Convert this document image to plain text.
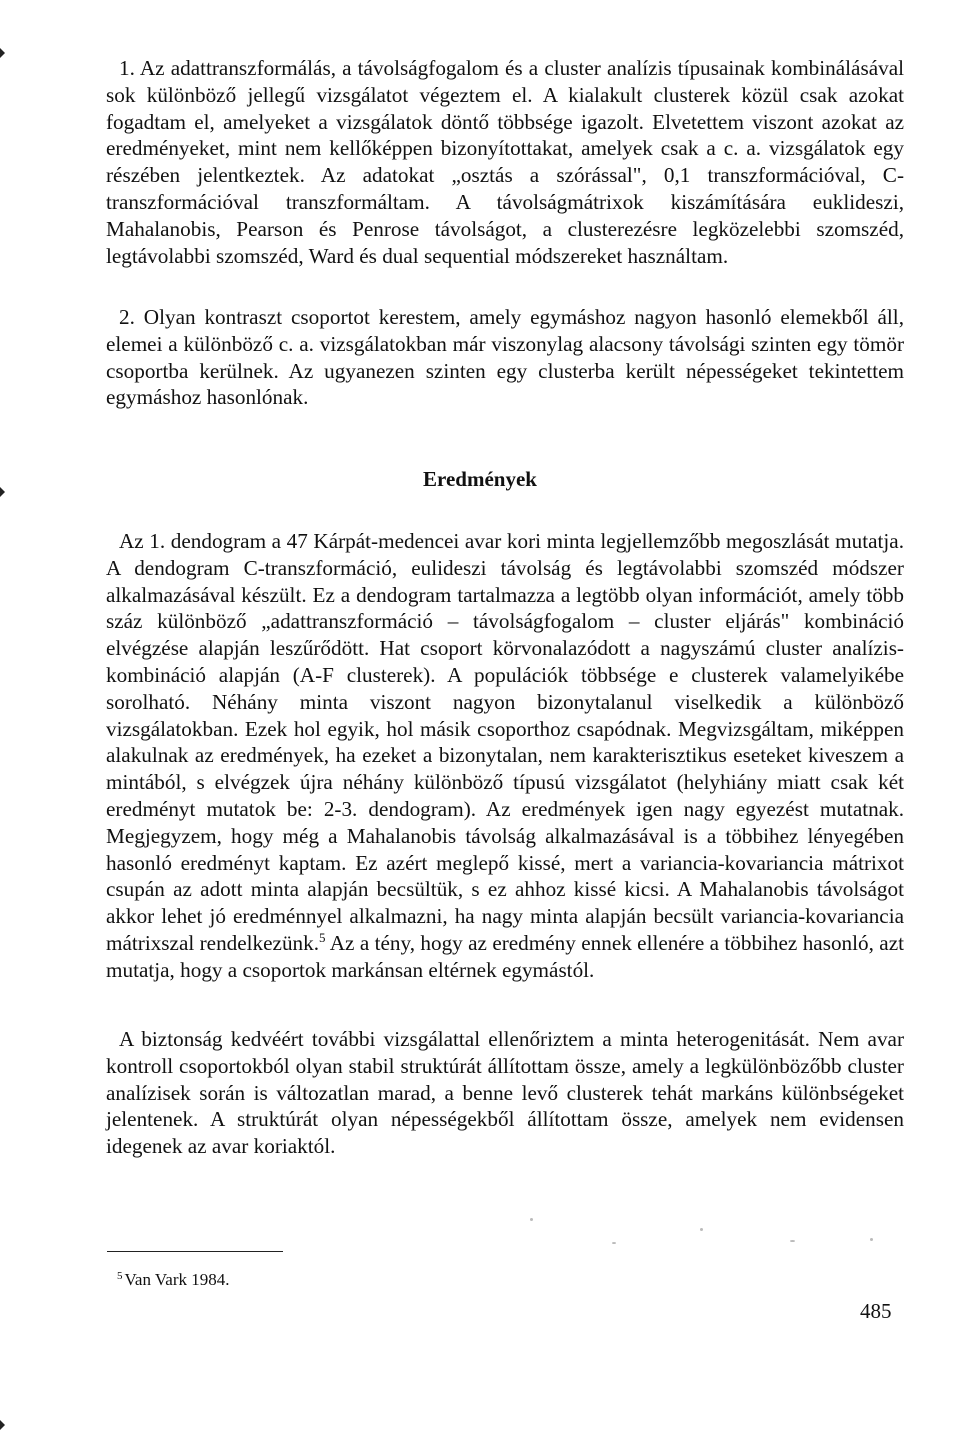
1. Az adattranszformálás, a távolságfogalom és a cluster analízis típusainak kombinálásával sok különböző jellegű vizsgálatot végeztem el. A kialakult clusterek közül csak azokat fogadtam el, amelyeket a vizsgálatok döntő többsége igazolt. Elvetettem viszont azokat az eredményeket, mint nem kellőképpen bizonyítottakat, amelyek csak a c. a. vizsgálatok egy részében jelentkeztek. Az adatokat „osztás a szórással", 0,1 transzformációval, C-transzformációval transzformáltam. A távolságmátrixok kiszámítására euklideszi, Mahalanobis, Pearson és Penrose távolságot, a clusterezésre legközelebbi szomszéd, legtávolabbi szomszéd, Ward és dual sequential módszereket használtam.

2. Olyan kontraszt csoportot kerestem, amely egymáshoz nagyon hasonló elemekből áll, elemei a különböző c. a. vizsgálatokban már viszonylag alacsony távolsági szinten egy tömör csoportba kerülnek. Az ugyanezen szinten egy clusterba került népességeket tekintettem egymáshoz hasonlónak.

Eredmények

Az 1. dendogram a 47 Kárpát-medencei avar kori minta legjellemzőbb megoszlását mutatja. A dendogram C-transzformáció, eulideszi távolság és legtávolabbi szomszéd módszer alkalmazásával készült. Ez a dendogram tartalmazza a legtöbb olyan információt, amely több száz különböző „adattranszformáció – távolságfogalom – cluster eljárás" kombináció elvégzése alapján leszűrődött. Hat csoport körvonalazódott a nagyszámú cluster analízis-kombináció alapján (A-F clusterek). A populációk többsége e clusterek valamelyikébe sorolható. Néhány minta viszont nagyon bizonytalanul viselkedik a különböző vizsgálatokban. Ezek hol egyik, hol másik csoporthoz csapódnak. Megvizsgáltam, miképpen alakulnak az eredmények, ha ezeket a bizonytalan, nem karakterisztikus eseteket kiveszem a mintából, s elvégzek újra néhány különböző típusú vizsgálatot (helyhiány miatt csak két eredményt mutatok be: 2-3. dendogram). Az eredmények igen nagy egyezést mutatnak. Megjegyzem, hogy még a Mahalanobis távolság alkalmazásával is a többihez lényegében hasonló eredményt kaptam. Ez azért meglepő kissé, mert a variancia-kovariancia mátrixot csupán az adott minta alapján becsültük, s ez ahhoz kissé kicsi. A Mahalanobis távolságot akkor lehet jó eredménnyel alkalmazni, ha nagy minta alapján becsült variancia-kovariancia mátrixszal rendelkezünk.$^5$ Az a tény, hogy az eredmény ennek ellenére a többihez hasonló, azt mutatja, hogy a csoportok markánsan eltérnek egymástól.

A biztonság kedvéért további vizsgálattal ellenőriztem a minta heterogenitását. Nem avar kontroll csoportokból olyan stabil struktúrát állítottam össze, amely a legkülönbözőbb cluster analízisek során is változatlan marad, a benne levő clusterek tehát markáns különbségeket jelentenek. A struktúrát olyan népességekből állítottam össze, amelyek nem evidensen idegenek az avar koriaktól.

$^5$ Van Vark 1984.

485
